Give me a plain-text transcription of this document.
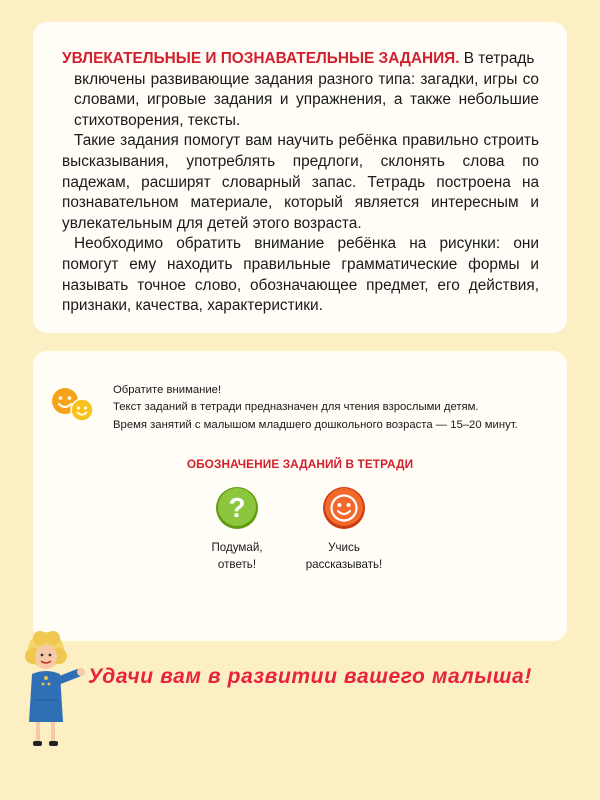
УВЛЕКАТЕЛЬНЫЕ И ПОЗНАВАТЕЛЬНЫЕ ЗАДАНИЯ. В тетрадь
включены развивающие задания разного типа: загадки, игры со словами, игровые задания и упражнения, а также небольшие стихотворения, тексты.

Такие задания помогут вам научить ребёнка правильно строить высказывания, употреблять предлоги, склонять слова по падежам, расширят словарный запас. Тетрадь построена на познавательном материале, который является интересным и увлекательным для детей этого возраста.

Необходимо обратить внимание ребёнка на рисунки: они помогут ему находить правильные грамматические формы и называть точное слово, обозначающее предмет, его действия, признаки, качества, характеристики.

Обратите внимание!
Текст заданий в тетради предназначен для чтения взрослыми детям.
Время занятий с малышом младшего дошкольного возраста — 15–20 минут.
ОБОЗНАЧЕНИЕ ЗАДАНИЙ В ТЕТРАДИ
?
Подумай,
ответь!
Учись
рассказывать!
Удачи вам в развитии вашего малыша!
